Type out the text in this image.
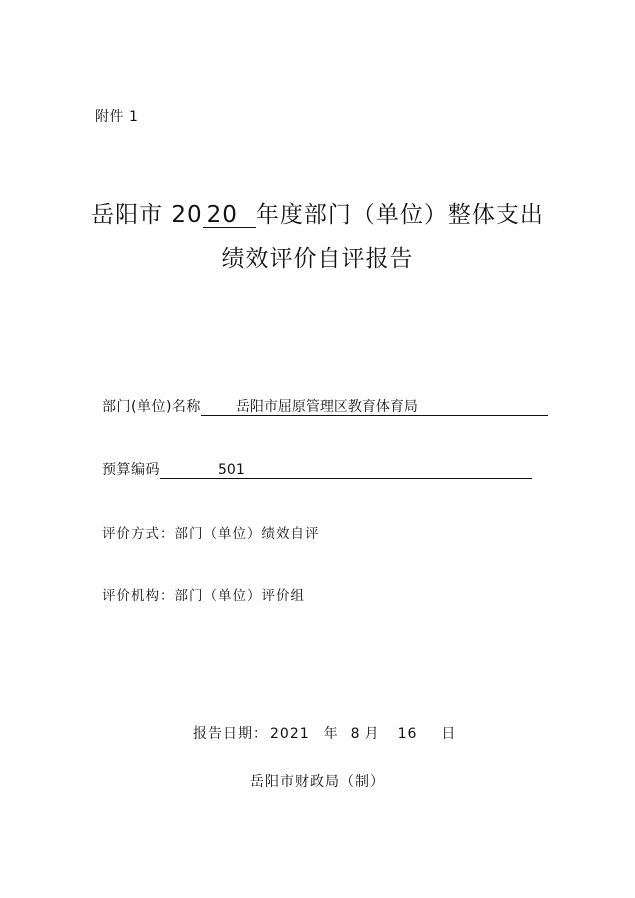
附件 1
岳阳市 20 20 年度部门（单位）整体支出
绩效评价自评报告
部门(单位)名称	岳阳市屈原管理区教育体育局
预算编码	501
评价方式： 部门（单位）绩效自评
评价机构： 部门（单位）评价组
报告日期： 2021 年 8 月 16 日
岳阳市财政局（制）
